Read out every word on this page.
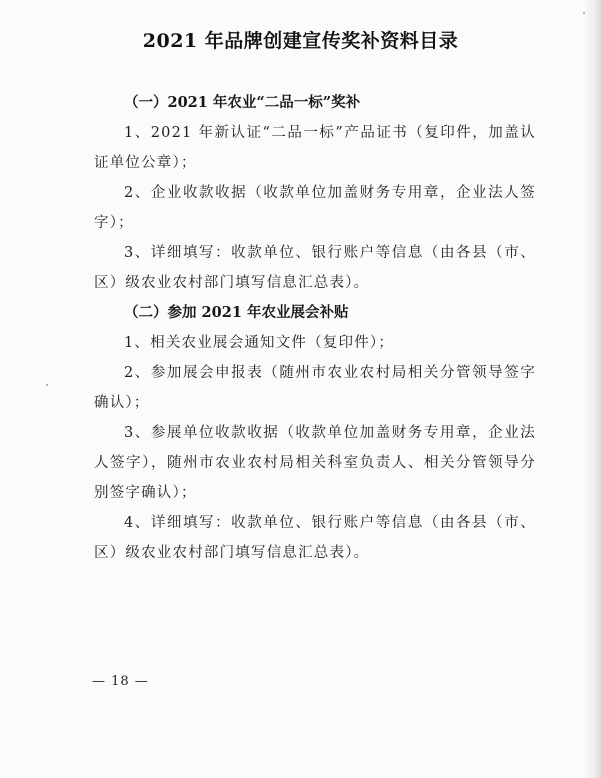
2021 年品牌创建宣传奖补资料目录

（一）2021 年农业“二品一标”奖补

1、2021 年新认证“二品一标”产品证书（复印件，加盖认证单位公章）；

2、企业收款收据（收款单位加盖财务专用章，企业法人签字）；

3、详细填写：收款单位、银行账户等信息（由各县（市、区）级农业农村部门填写信息汇总表）。

（二）参加 2021 年农业展会补贴

1、相关农业展会通知文件（复印件）；

2、参加展会申报表（随州市农业农村局相关分管领导签字确认）；

3、参展单位收款收据（收款单位加盖财务专用章，企业法人签字），随州市农业农村局相关科室负责人、相关分管领导分别签字确认）；

4、详细填写：收款单位、银行账户等信息（由各县（市、区）级农业农村部门填写信息汇总表）。

— 18 —
